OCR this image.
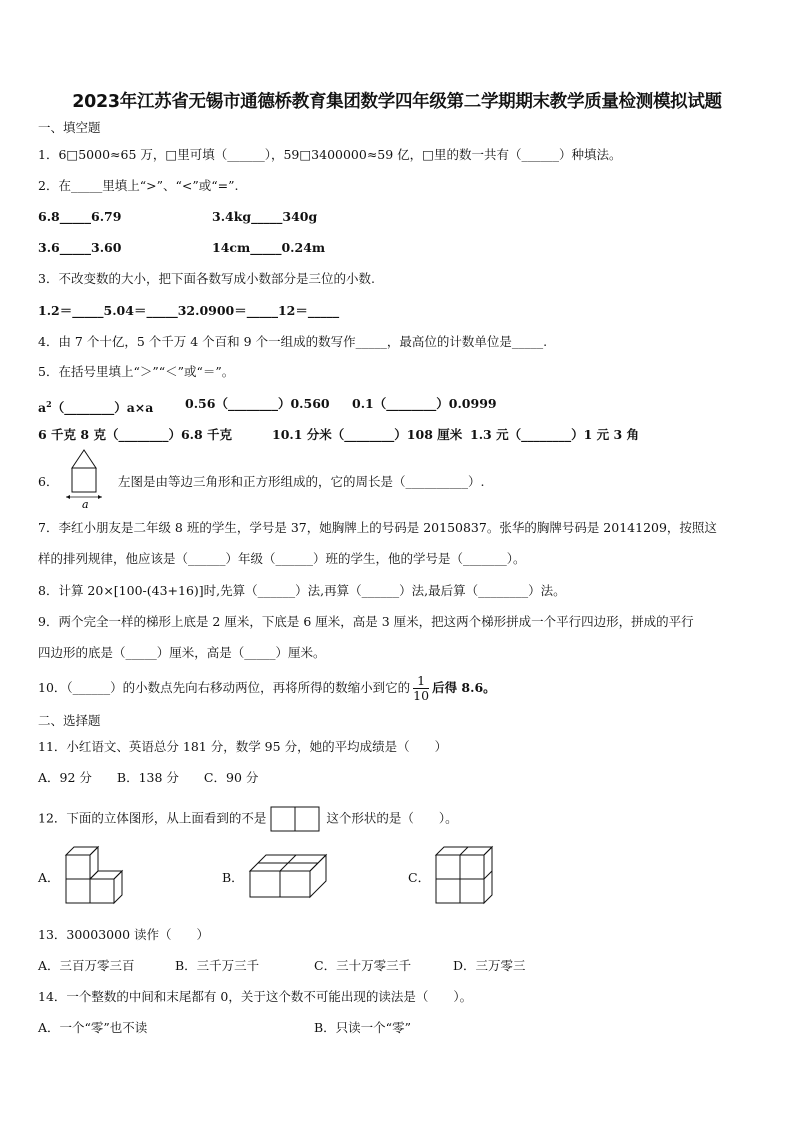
2023年江苏省无锡市通德桥教育集团数学四年级第二学期期末教学质量检测模拟试题
一、填空题
1．6□5000≈65 万，□里可填（______），59□3400000≈59 亿，□里的数一共有（______）种填法。
2．在_____里填上“>”、“<”或“=”.
6.8_____6.79	3.4kg_____340g
3.6_____3.60	14cm_____0.24m
3．不改变数的大小，把下面各数写成小数部分是三位的小数.
1.2＝_____5.04＝_____32.0900＝_____12＝_____
4．由 7 个十亿，5 个千万 4 个百和 9 个一组成的数写作_____，最高位的计数单位是_____.
5．在括号里填上“＞”“＜”或“＝”。
$a^2(\_\_\_\_\_\_\_\_)a\times a$	0.56（________）0.560 0.1（________）0.0999
6 千克 8 克（________）6.8 千克	10.1 分米（________）108 厘米 1.3 元（________）1 元 3 角
6．
a
左图是由等边三角形和正方形组成的，它的周长是（__________）.
7．李红小朋友是二年级 8 班的学生，学号是 37，她胸牌上的号码是 20150837。张华的胸牌号码是 20141209，按照这
样的排列规律，他应该是（______）年级（______）班的学生，他的学号是（_______）。
8．计算 20×[100-(43+16)]时,先算（______）法,再算（______）法,最后算（________）法。
9．两个完全一样的梯形上底是 2 厘米，下底是 6 厘米，高是 3 厘米，把这两个梯形拼成一个平行四边形，拼成的平行
四边形的底是（_____）厘米，高是（_____）厘米。
10．（______）的小数点先向右移动两位，再将所得的数缩小到它的 $\frac{1}{10}$ 后得 8.6。
二、选择题
11．小红语文、英语总分 181 分，数学 95 分，她的平均成绩是（　　）
A．92 分　　B．138 分　　C．90 分
12．下面的立体图形，从上面看到的不是	这个形状的是（　　）。
A．	B．	C．
13．30003000 读作（　　）
A．三百万零三百	B．三千万三千	C．三十万零三千	D．三万零三
14．一个整数的中间和末尾都有 0，关于这个数不可能出现的读法是（　　）。
A．一个“零”也不读	B．只读一个“零”
